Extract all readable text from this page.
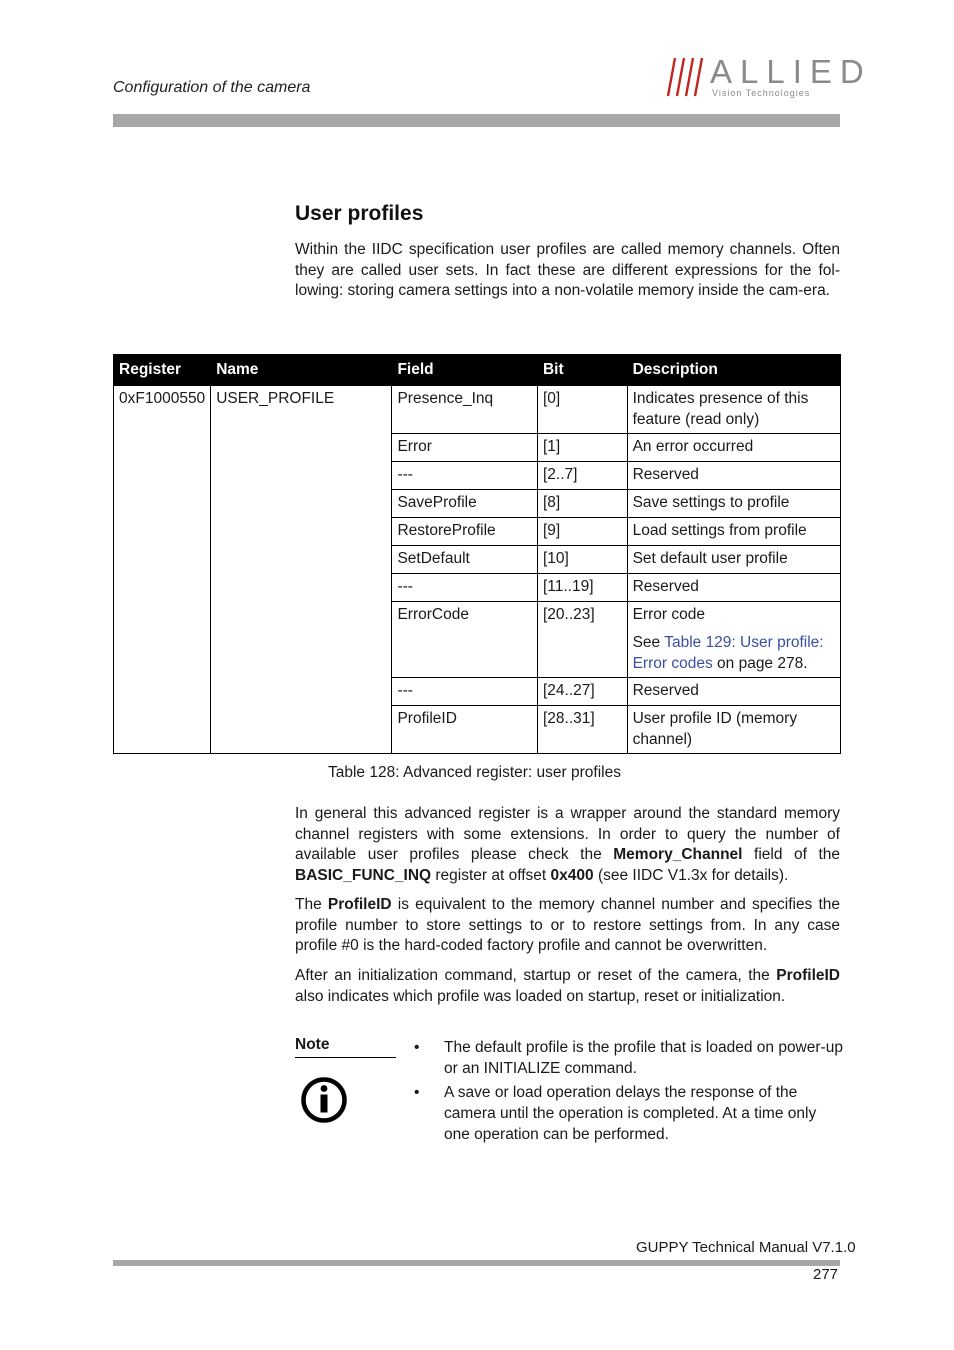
Configuration of the camera	ALLIED
Vision Technologies
User profiles
Within the IIDC specification user profiles are called memory channels. Often they are called user sets. In fact these are different expressions for the fol-lowing: storing camera settings into a non-volatile memory inside the cam-era.
Register	Name	Field	Bit	Description
0xF1000550	USER_PROFILE	Presence_Inq	[0]	Indicates presence of this feature (read only)
		Error	[1]	An error occurred
		---	[2..7]	Reserved
		SaveProfile	[8]	Save settings to profile
		RestoreProfile	[9]	Load settings from profile
		SetDefault	[10]	Set default user profile
		---	[11..19]	Reserved
		ErrorCode	[20..23]	Error code
See Table 129: User profile: Error codes on page 278.

		---	[24..27]	Reserved
		ProfileID	[28..31]	User profile ID (memory channel)
Table 128: Advanced register: user profiles
In general this advanced register is a wrapper around the standard memory channel registers with some extensions. In order to query the number of available user profiles please check the Memory_Channel field of the BASIC_FUNC_INQ register at offset 0x400 (see IIDC V1.3x for details).
The ProfileID is equivalent to the memory channel number and specifies the profile number to store settings to or to restore settings from. In any case profile #0 is the hard-coded factory profile and cannot be overwritten.
After an initialization command, startup or reset of the camera, the ProfileID also indicates which profile was loaded on startup, reset or initialization.
Note	•	The default profile is the profile that is loaded on power-up or an INITIALIZE command.
•	A save or load operation delays the response of the camera until the operation is completed. At a time only one operation can be performed.
GUPPY Technical Manual V7.1.0
277
